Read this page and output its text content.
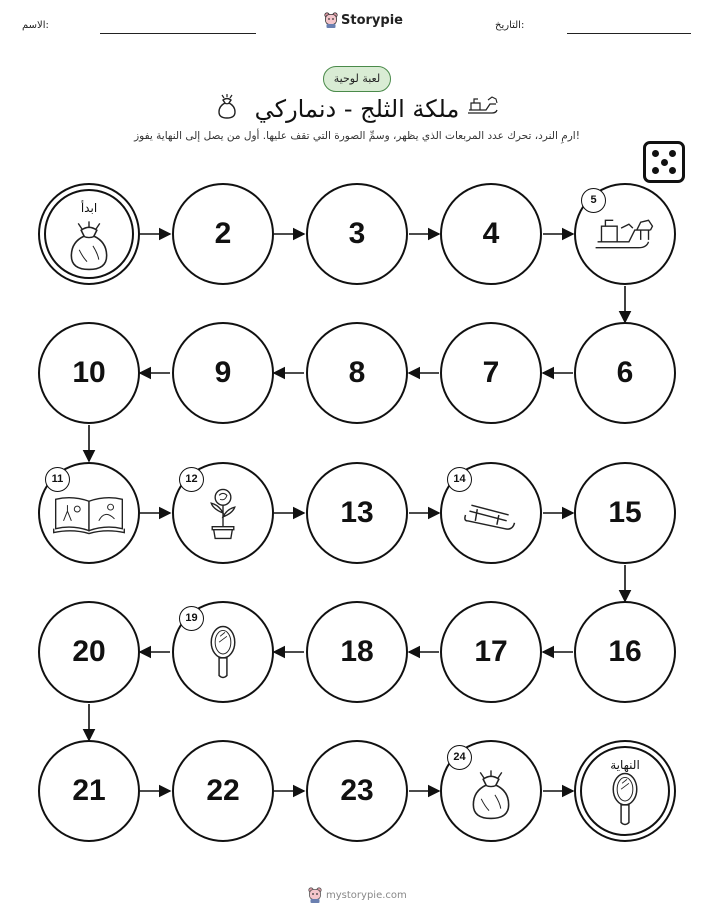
الاسم:	Storypie	التاريخ:
لعبة لوحية
ملكة الثلج - دنماركي
ارمِ النرد، تحرك عدد المربعات الذي يظهر، وسمِّ الصورة التي تقف عليها. أول من يصل إلى النهاية يفوز!
ابدأ
2	3	4
5
6
7
8
9
10
11	12
13
14
15
16
17
18
19
20
21	22	23
24
النهاية
mystorypie.com
